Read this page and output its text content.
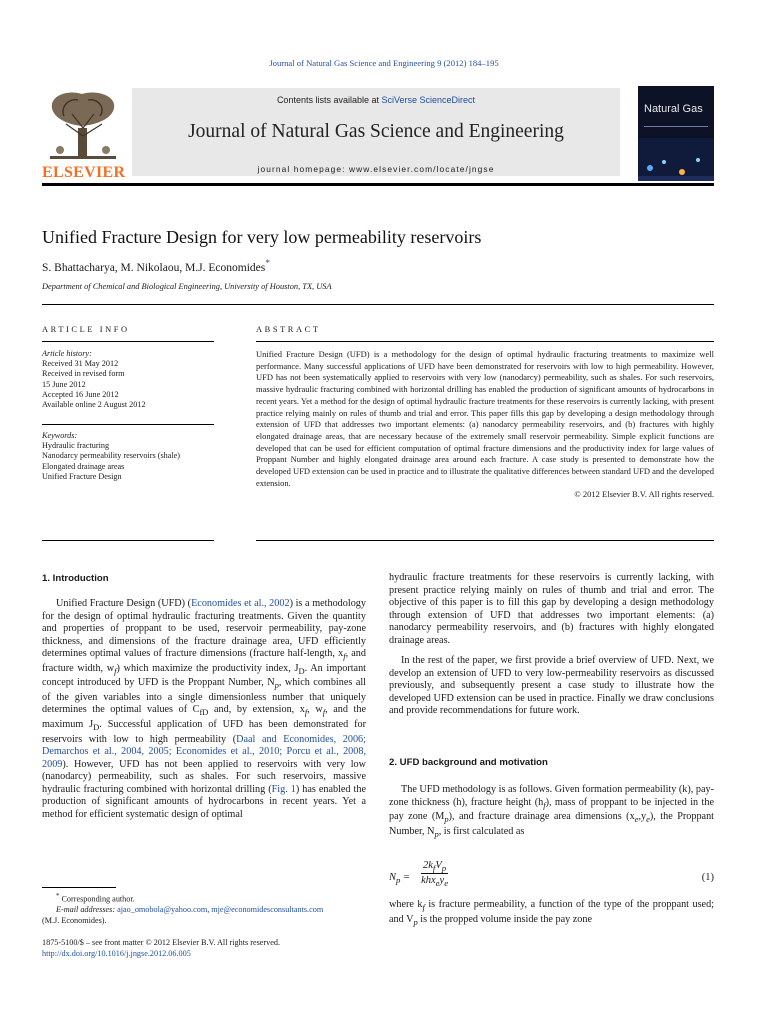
Journal of Natural Gas Science and Engineering 9 (2012) 184–195
ELSEVIER
Contents lists available at SciVerse ScienceDirect
Journal of Natural Gas Science and Engineering
journal homepage: www.elsevier.com/locate/jngse
Natural Gas
Unified Fracture Design for very low permeability reservoirs
S. Bhattacharya, M. Nikolaou, M.J. Economides*
Department of Chemical and Biological Engineering, University of Houston, TX, USA
ARTICLE INFO	ABSTRACT
Article history:
Received 31 May 2012
Received in revised form
15 June 2012
Accepted 16 June 2012
Available online 2 August 2012
Keywords:
Hydraulic fracturing
Nanodarcy permeability reservoirs (shale)
Elongated drainage areas
Unified Fracture Design
Unified Fracture Design (UFD) is a methodology for the design of optimal hydraulic fracturing treatments to maximize well performance. Many successful applications of UFD have been demonstrated for reservoirs with low to high permeability. However, UFD has not been systematically applied to reservoirs with very low (nanodarcy) permeability, such as shales. For such reservoirs, massive hydraulic fracturing combined with horizontal drilling has enabled the production of significant amounts of hydrocarbons in recent years. Yet a method for the design of optimal hydraulic fracture treatments for these reservoirs is currently lacking, with present practice relying mainly on rules of thumb and trial and error. This paper fills this gap by developing a design methodology through extension of UFD that addresses two important elements: (a) nanodarcy permeability reservoirs, and (b) fractures with highly elongated drainage areas, that are necessary because of the extremely small reservoir permeability. Simple explicit functions are developed that can be used for efficient computation of optimal fracture dimensions and the productivity index for large values of Proppant Number and highly elongated drainage area around each fracture. A case study is presented to demonstrate how the developed UFD extension can be used in practice and to illustrate the qualitative differences between standard UFD and the developed extension.
© 2012 Elsevier B.V. All rights reserved.
1. Introduction
Unified Fracture Design (UFD) (Economides et al., 2002) is a methodology for the design of optimal hydraulic fracturing treatments. Given the quantity and properties of proppant to be used, reservoir permeability, pay-zone thickness, and dimensions of the fracture drainage area, UFD efficiently determines optimal values of fracture dimensions (fracture half-length, $x_f$, and fracture width, $w_f$) which maximize the productivity index, $J_D$. An important concept introduced by UFD is the Proppant Number, $N_p$, which combines all of the given variables into a single dimensionless number that uniquely determines the optimal values of $C_{fD}$ and, by extension, $x_f$, $w_f$, and the maximum $J_D$. Successful application of UFD has been demonstrated for reservoirs with low to high permeability (Daal and Economides, 2006; Demarchos et al., 2004, 2005; Economides et al., 2010; Porcu et al., 2008, 2009). However, UFD has not been applied to reservoirs with very low (nanodarcy) permeability, such as shales. For such reservoirs, massive hydraulic fracturing combined with horizontal drilling (Fig. 1) has enabled the production of significant amounts of hydrocarbons in recent years. Yet a method for efficient systematic design of optimal
hydraulic fracture treatments for these reservoirs is currently lacking, with present practice relying mainly on rules of thumb and trial and error. The objective of this paper is to fill this gap by developing a design methodology through extension of UFD that addresses two important elements: (a) nanodarcy permeability reservoirs, and (b) fractures with highly elongated drainage areas.
In the rest of the paper, we first provide a brief overview of UFD. Next, we develop an extension of UFD to very low-permeability reservoirs as discussed previously, and subsequently present a case study to illustrate how the developed UFD extension can be used in practice. Finally we draw conclusions and provide recommendations for future work.
2. UFD background and motivation
The UFD methodology is as follows. Given formation permeability (k), pay-zone thickness (h), fracture height $(h_f)$, mass of proppant to be injected in the pay zone $(M_p)$, and fracture drainage area dimensions $(x_e,y_e)$, the Proppant Number, $N_p$, is first calculated as
$N_p$ =
$2k_fV_p$
$khx_ey_e$
(1)
where $k_f$ is fracture permeability, a function of the type of the proppant used; and $V_p$ is the propped volume inside the pay zone
* Corresponding author.
E-mail addresses: ajao_omobola@yahoo.com, mje@economidesconsultants.com
(M.J. Economides).
1875-5100/$ – see front matter © 2012 Elsevier B.V. All rights reserved.
http://dx.doi.org/10.1016/j.jngse.2012.06.005
